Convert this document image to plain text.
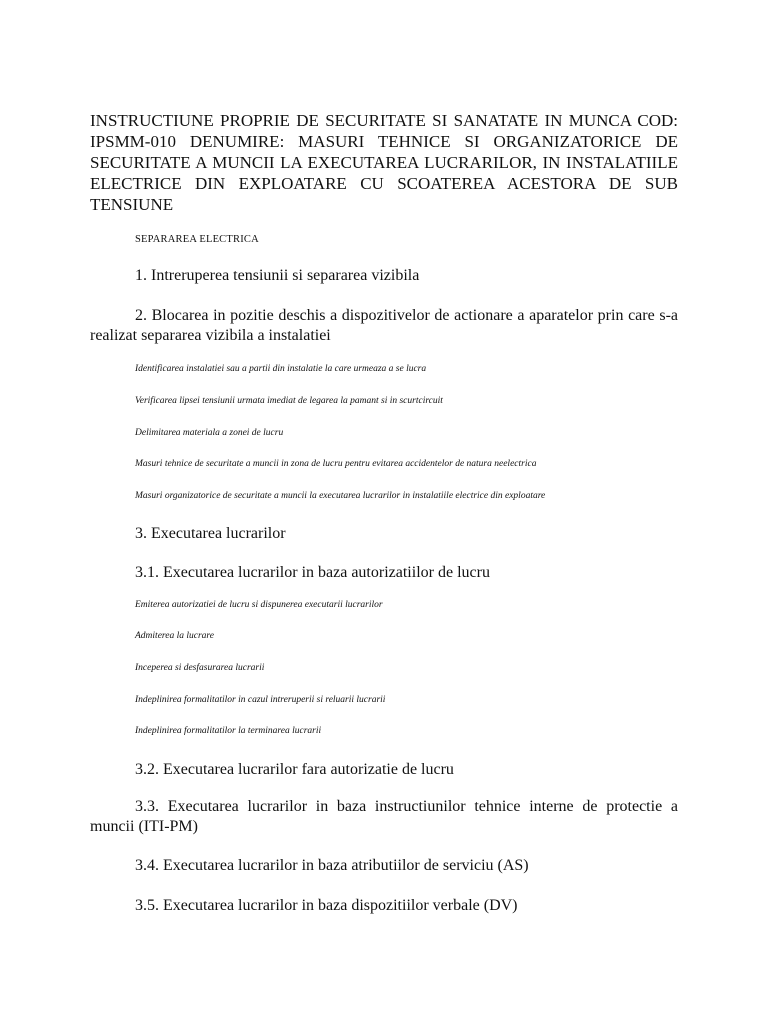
INSTRUCTIUNE PROPRIE DE SECURITATE SI SANATATE IN MUNCA COD: IPSMM-010 DENUMIRE: MASURI TEHNICE SI ORGANIZATORICE DE SECURITATE A MUNCII LA EXECUTAREA LUCRARILOR, IN INSTALATIILE ELECTRICE DIN EXPLOATARE CU SCOATEREA ACESTORA DE SUB TENSIUNE

SEPARAREA ELECTRICA

1. Intreruperea tensiunii si separarea vizibila

2. Blocarea in pozitie deschis a dispozitivelor de actionare a aparatelor prin care s-a realizat separarea vizibila a instalatiei

Identificarea instalatiei sau a partii din instalatie la care urmeaza a se lucra
Verificarea lipsei tensiunii urmata imediat de legarea la pamant si in scurtcircuit
Delimitarea materiala a zonei de lucru
Masuri tehnice de securitate a muncii in zona de lucru pentru evitarea accidentelor de natura neelectrica
Masuri organizatorice de securitate a muncii la executarea lucrarilor in instalatiile electrice din exploatare

3. Executarea lucrarilor

3.1. Executarea lucrarilor in baza autorizatiilor de lucru

Emiterea autorizatiei de lucru si dispunerea executarii lucrarilor
Admiterea la lucrare
Inceperea si desfasurarea lucrarii
Indeplinirea formalitatilor in cazul intreruperii si reluarii lucrarii
Indeplinirea formalitatilor la terminarea lucrarii

3.2. Executarea lucrarilor fara autorizatie de lucru

3.3. Executarea lucrarilor in baza instructiunilor tehnice interne de protectie a muncii (ITI-PM)

3.4. Executarea lucrarilor in baza atributiilor de serviciu (AS)

3.5. Executarea lucrarilor in baza dispozitiilor verbale (DV)
